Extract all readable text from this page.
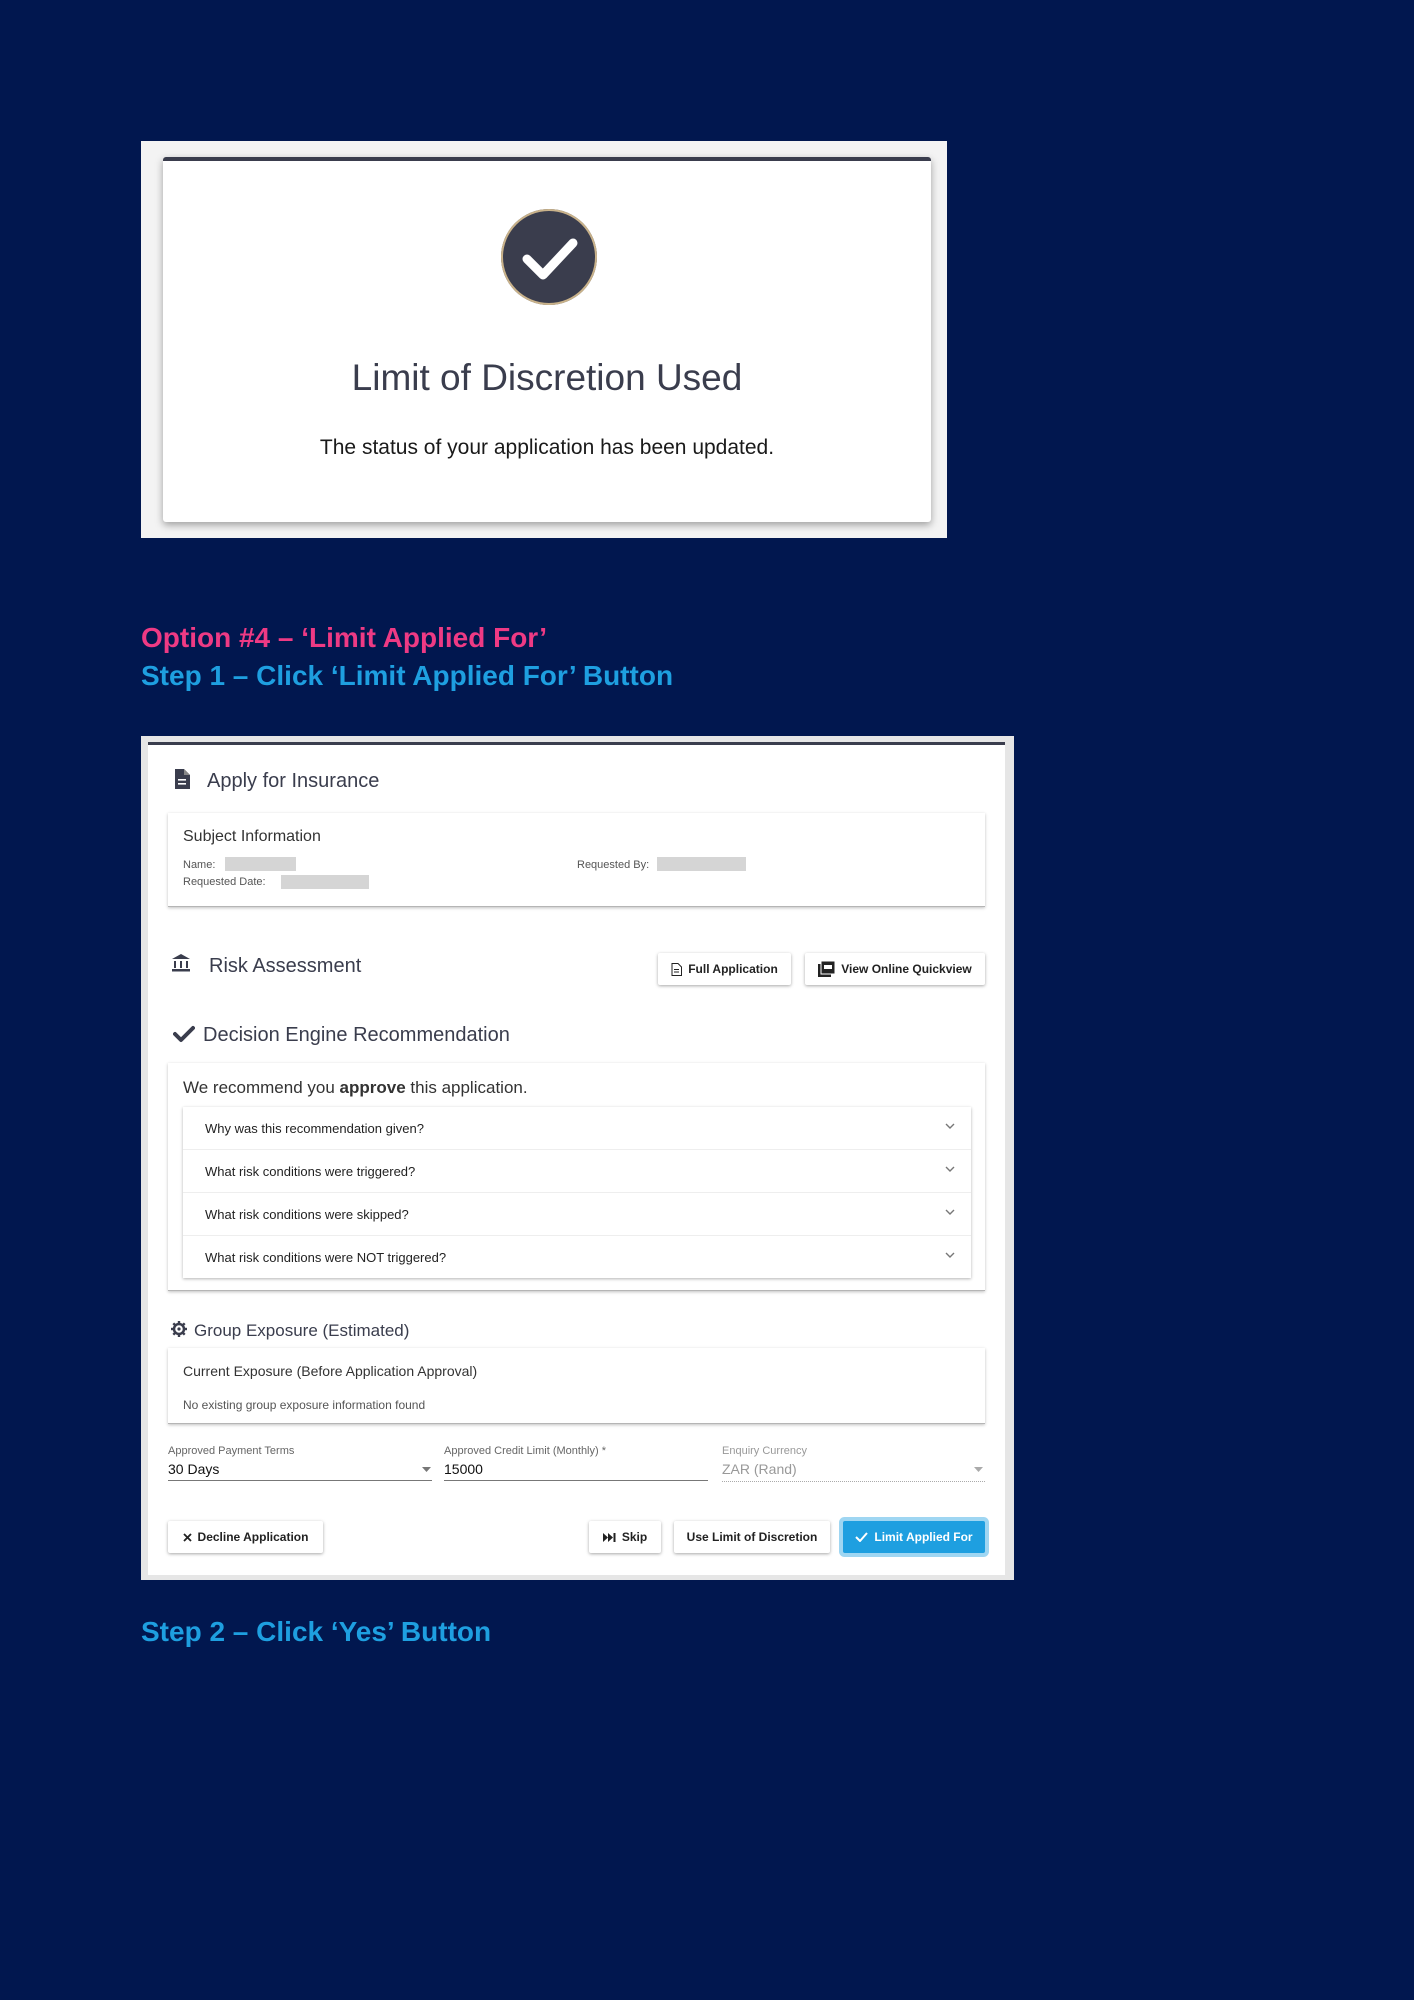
Limit of Discretion Used
The status of your application has been updated.
Option #4 – ‘Limit Applied For’
Step 1 – Click ‘Limit Applied For’ Button
Apply for Insurance
Subject Information
Name:	Requested By:
Requested Date:
Risk Assessment	Full Application	View Online Quickview
Decision Engine Recommendation
We recommend you approve this application.
Why was this recommendation given?
What risk conditions were triggered?
What risk conditions were skipped?
What risk conditions were NOT triggered?
Group Exposure (Estimated)
Current Exposure (Before Application Approval)
No existing group exposure information found
Approved Payment Terms
30 Days
Approved Credit Limit (Monthly) *
15000
Enquiry Currency
ZAR (Rand)
Decline Application	Skip	Use Limit of Discretion	Limit Applied For
Step 2 – Click ‘Yes’ Button
